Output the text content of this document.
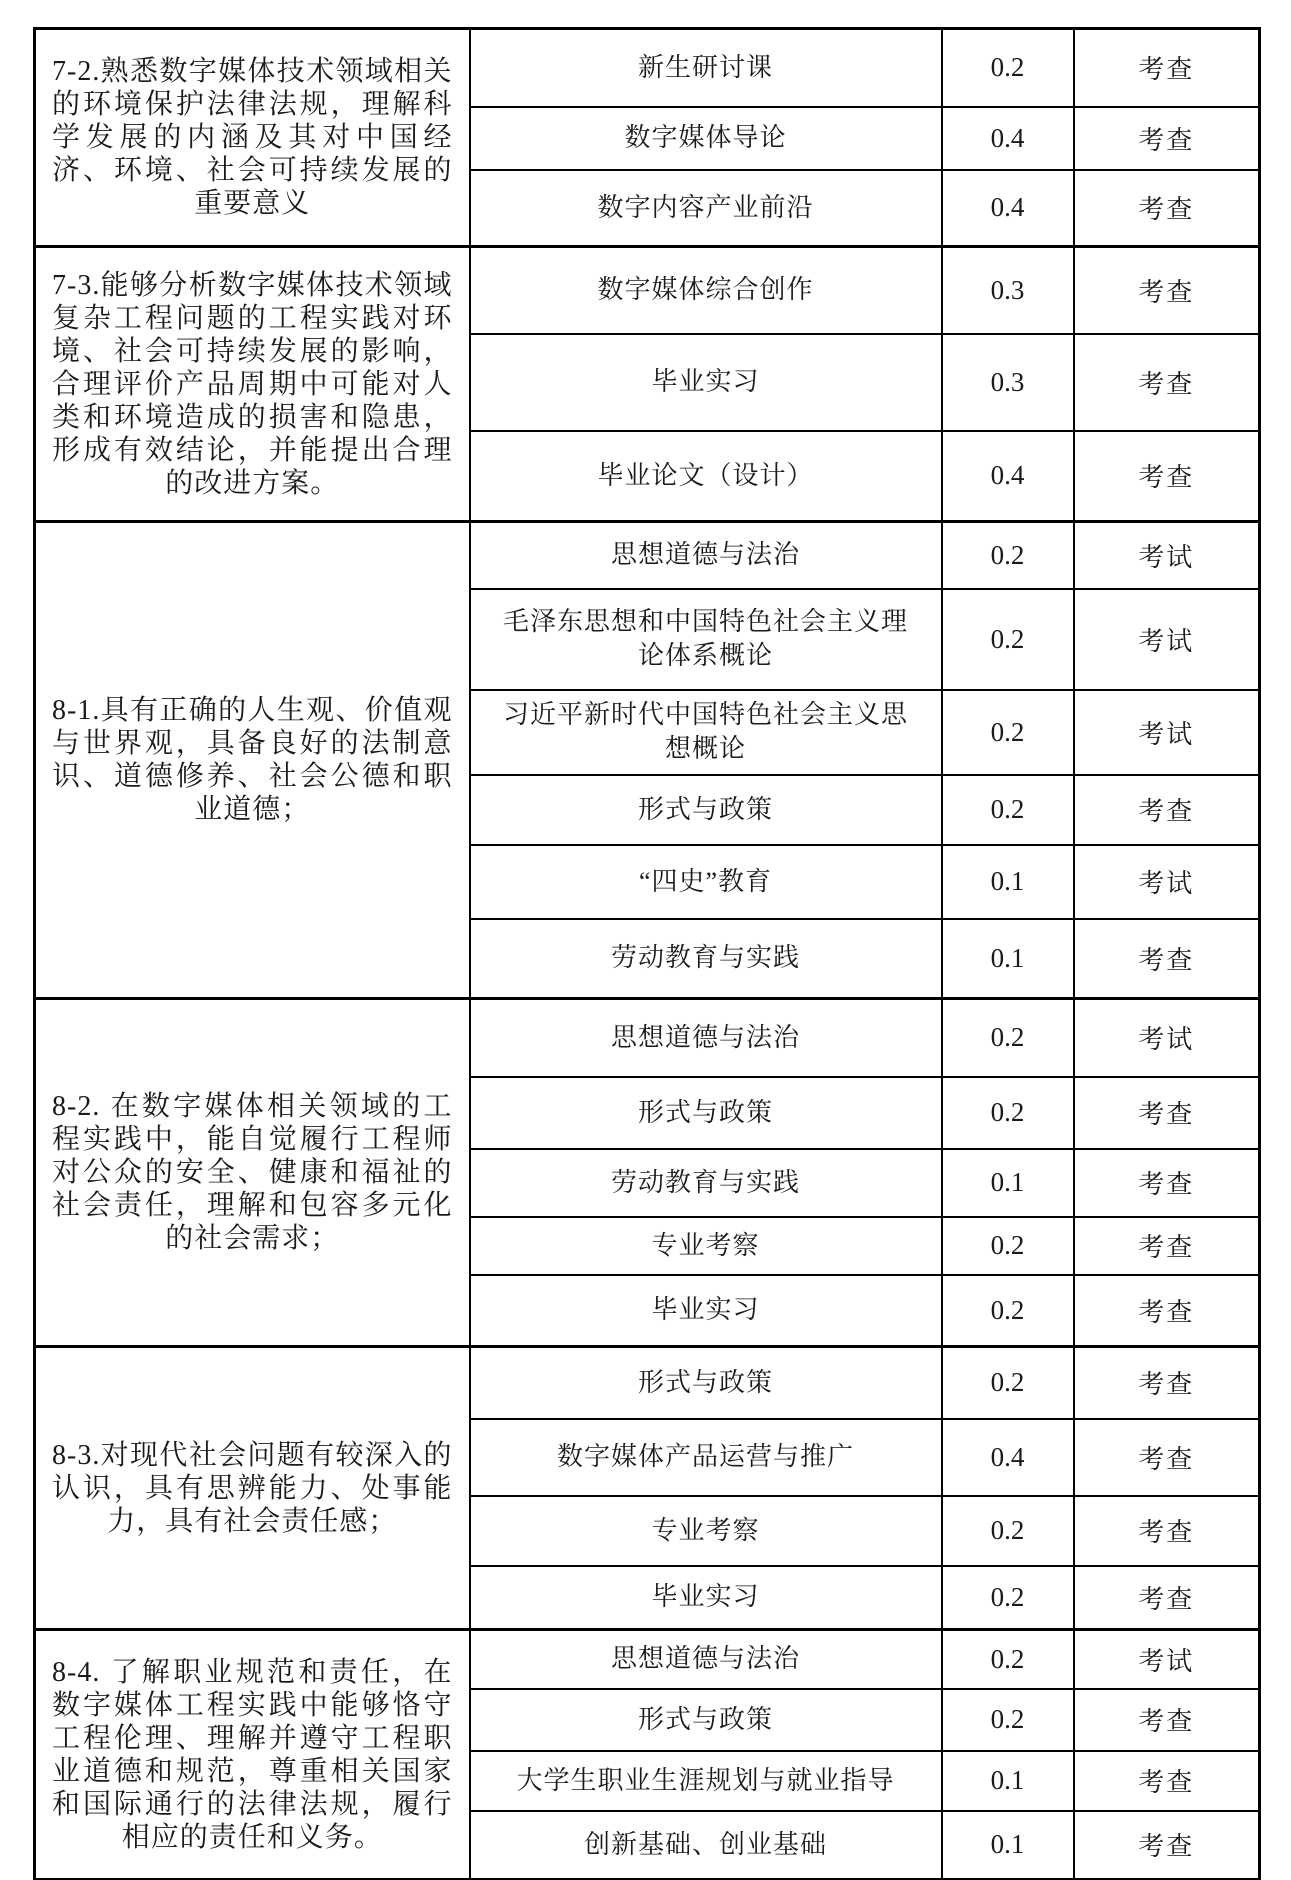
7-2.熟悉数字媒体技术领域相关的环境保护法律法规，理解科学发展的内涵及其对中国经济、环境、社会可持续发展的重要意义	新生研讨课	0.2	考查
	数字媒体导论	0.4	考查
	数字内容产业前沿	0.4	考查
7-3.能够分析数字媒体技术领域复杂工程问题的工程实践对环境、社会可持续发展的影响，合理评价产品周期中可能对人类和环境造成的损害和隐患，形成有效结论，并能提出合理的改进方案。	数字媒体综合创作	0.3	考查
	毕业实习	0.3	考查
	毕业论文（设计）	0.4	考查
8-1.具有正确的人生观、价值观与世界观，具备良好的法制意识、道德修养、社会公德和职业道德；	思想道德与法治	0.2	考试
	毛泽东思想和中国特色社会主义理论体系概论	0.2	考试
	习近平新时代中国特色社会主义思想概论	0.2	考试
	形式与政策	0.2	考查
	“四史”教育	0.1	考试
	劳动教育与实践	0.1	考查
8-2. 在数字媒体相关领域的工程实践中，能自觉履行工程师对公众的安全、健康和福祉的社会责任，理解和包容多元化的社会需求；	思想道德与法治	0.2	考试
	形式与政策	0.2	考查
	劳动教育与实践	0.1	考查
	专业考察	0.2	考查
	毕业实习	0.2	考查
8-3.对现代社会问题有较深入的认识，具有思辨能力、处事能力，具有社会责任感；	形式与政策	0.2	考查
	数字媒体产品运营与推广	0.4	考查
	专业考察	0.2	考查
	毕业实习	0.2	考查
8-4. 了解职业规范和责任，在数字媒体工程实践中能够恪守工程伦理、理解并遵守工程职业道德和规范，尊重相关国家和国际通行的法律法规，履行相应的责任和义务。	思想道德与法治	0.2	考试
	形式与政策	0.2	考查
	大学生职业生涯规划与就业指导	0.1	考查
	创新基础、创业基础	0.1	考查
